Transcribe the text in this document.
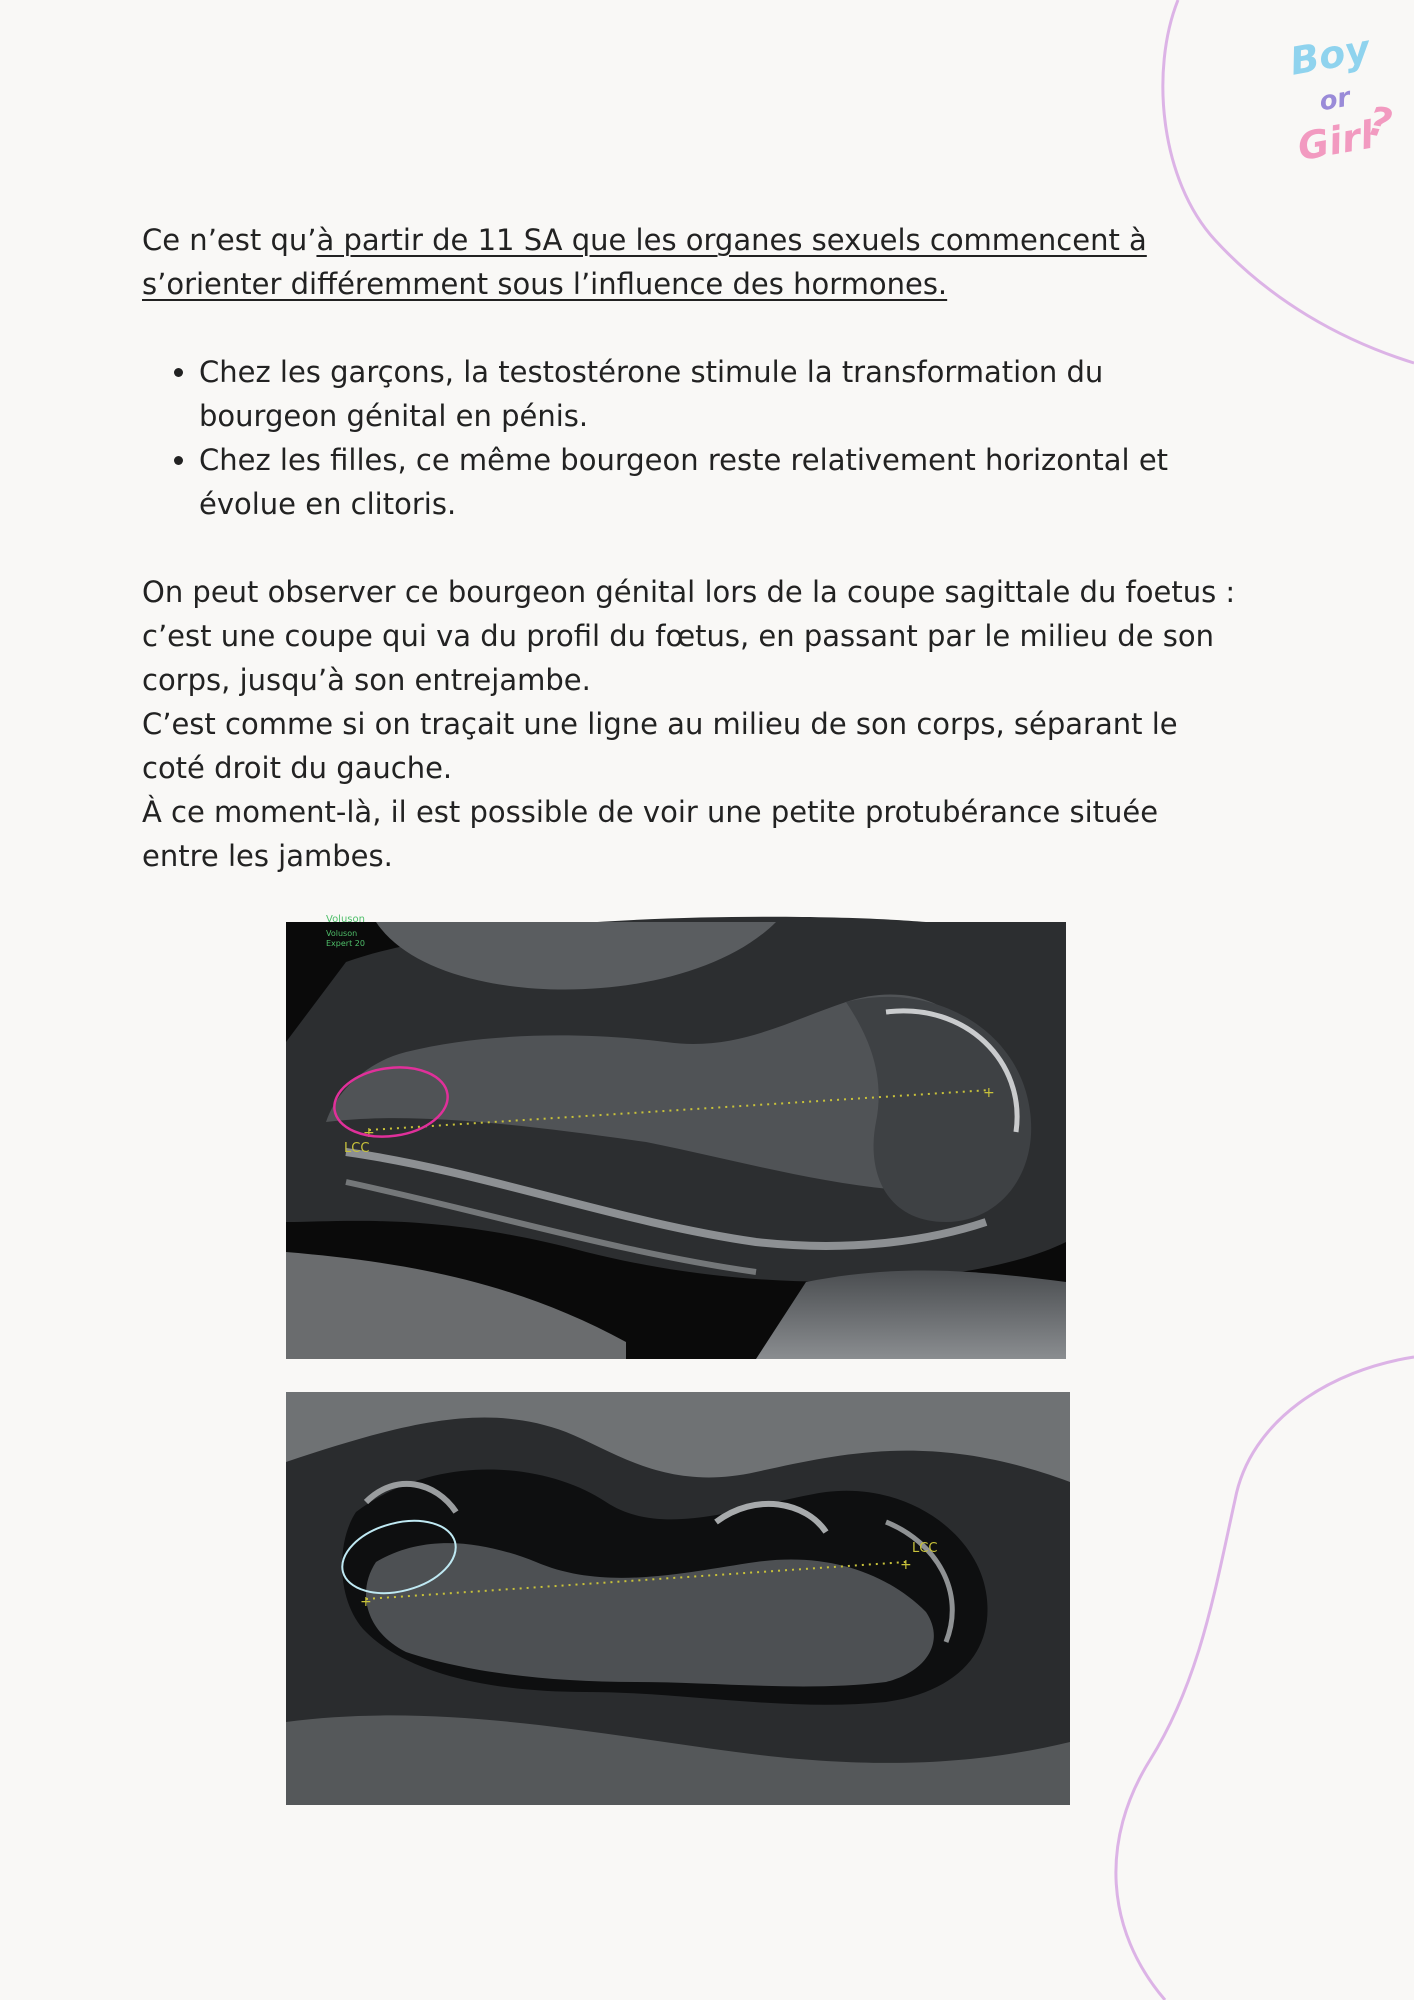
Boy
or
Girl
?

Ce n’est qu’à partir de 11 SA que les organes sexuels commencent à s’orienter différemment sous l’influence des hormones.

• Chez les garçons, la testostérone stimule la transformation du bourgeon génital en pénis.
• Chez les filles, ce même bourgeon reste relativement horizontal et évolue en clitoris.

On peut observer ce bourgeon génital lors de la coupe sagittale du foetus : c’est une coupe qui va du profil du fœtus, en passant par le milieu de son corps, jusqu’à son entrejambe.

C’est comme si on traçait une ligne au milieu de son corps, séparant le coté droit du gauche.

À ce moment-là, il est possible de voir une petite protubérance située entre les jambes.

+
+
Voluson
LCC
Voluson
Expert 20
+
+
LCC
